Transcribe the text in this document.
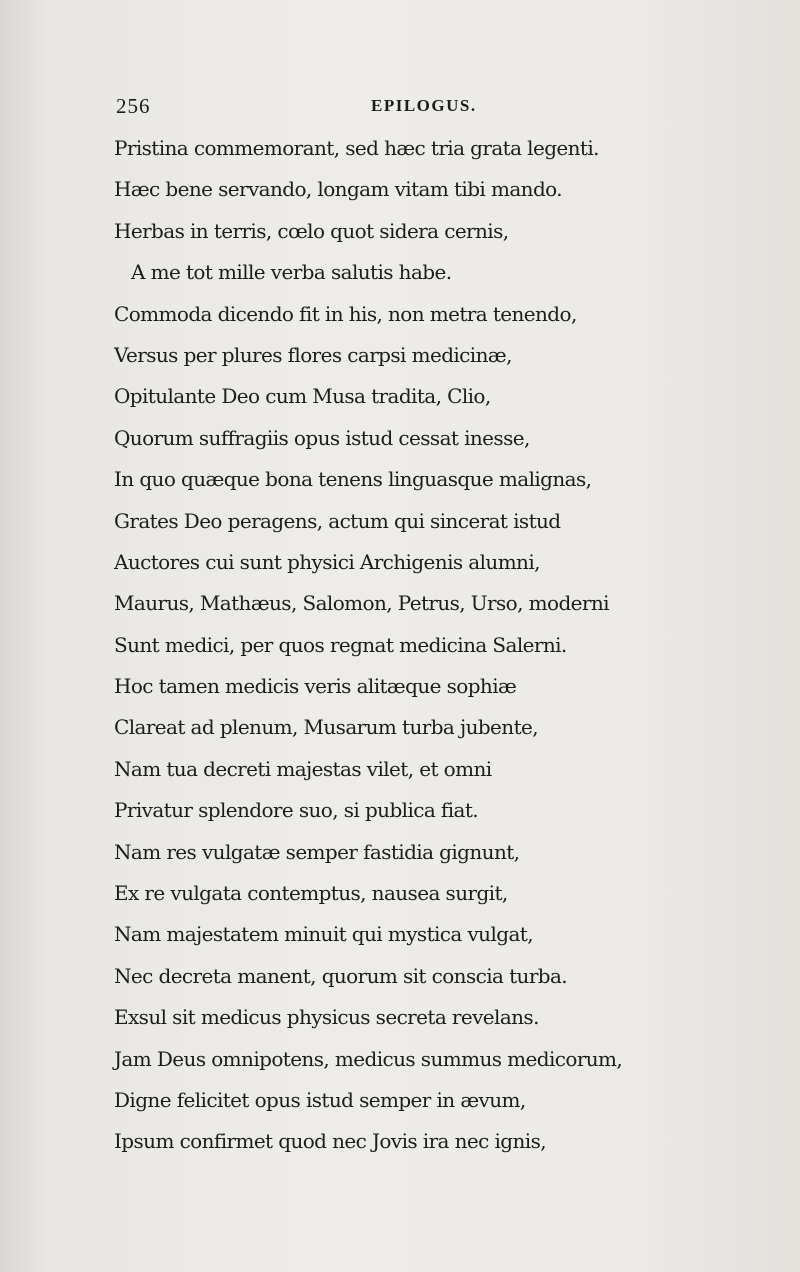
256	EPILOGUS.
Pristina commemorant, sed hæc tria grata legenti.
Hæc bene servando, longam vitam tibi mando.
Herbas in terris, cœlo quot sidera cernis,
A me tot mille verba salutis habe.
Commoda dicendo fit in his, non metra tenendo,
Versus per plures flores carpsi medicinæ,
Opitulante Deo cum Musa tradita, Clio,
Quorum suffragiis opus istud cessat inesse,
In quo quæque bona tenens linguasque malignas,
Grates Deo peragens, actum qui sincerat istud
Auctores cui sunt physici Archigenis alumni,
Maurus, Mathæus, Salomon, Petrus, Urso, moderni
Sunt medici, per quos regnat medicina Salerni.
Hoc tamen medicis veris alitæque sophiæ
Clareat ad plenum, Musarum turba jubente,
Nam tua decreti majestas vilet, et omni
Privatur splendore suo, si publica fiat.
Nam res vulgatæ semper fastidia gignunt,
Ex re vulgata contemptus, nausea surgit,
Nam majestatem minuit qui mystica vulgat,
Nec decreta manent, quorum sit conscia turba.
Exsul sit medicus physicus secreta revelans.
Jam Deus omnipotens, medicus summus medicorum,
Digne felicitet opus istud semper in ævum,
Ipsum confirmet quod nec Jovis ira nec ignis,
